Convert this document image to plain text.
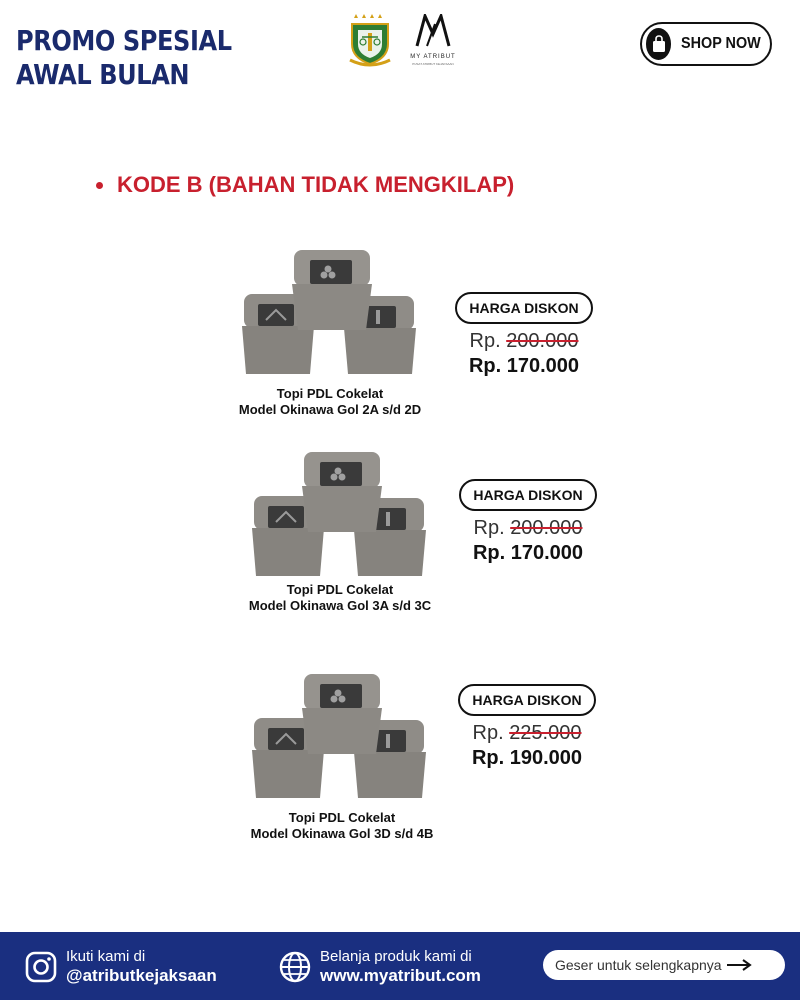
PROMO SPESIAL
AWAL BULAN
MY ATRIBUT
PUSAT ATRIBUT KEJAKSAAN
SHOP NOW
KODE B (BAHAN TIDAK MENGKILAP)
Topi PDL Cokelat
Model Okinawa Gol 2A s/d 2D
HARGA DISKON
Rp. 200.000
Rp. 170.000
Topi PDL Cokelat
Model Okinawa Gol 3A s/d 3C
HARGA DISKON
Rp. 200.000
Rp. 170.000
Topi PDL Cokelat
Model Okinawa Gol 3D s/d 4B
HARGA DISKON
Rp. 225.000
Rp. 190.000
Ikuti kami di
@atributkejaksaan
Belanja produk kami di
www.myatribut.com
Geser untuk selengkapnya
